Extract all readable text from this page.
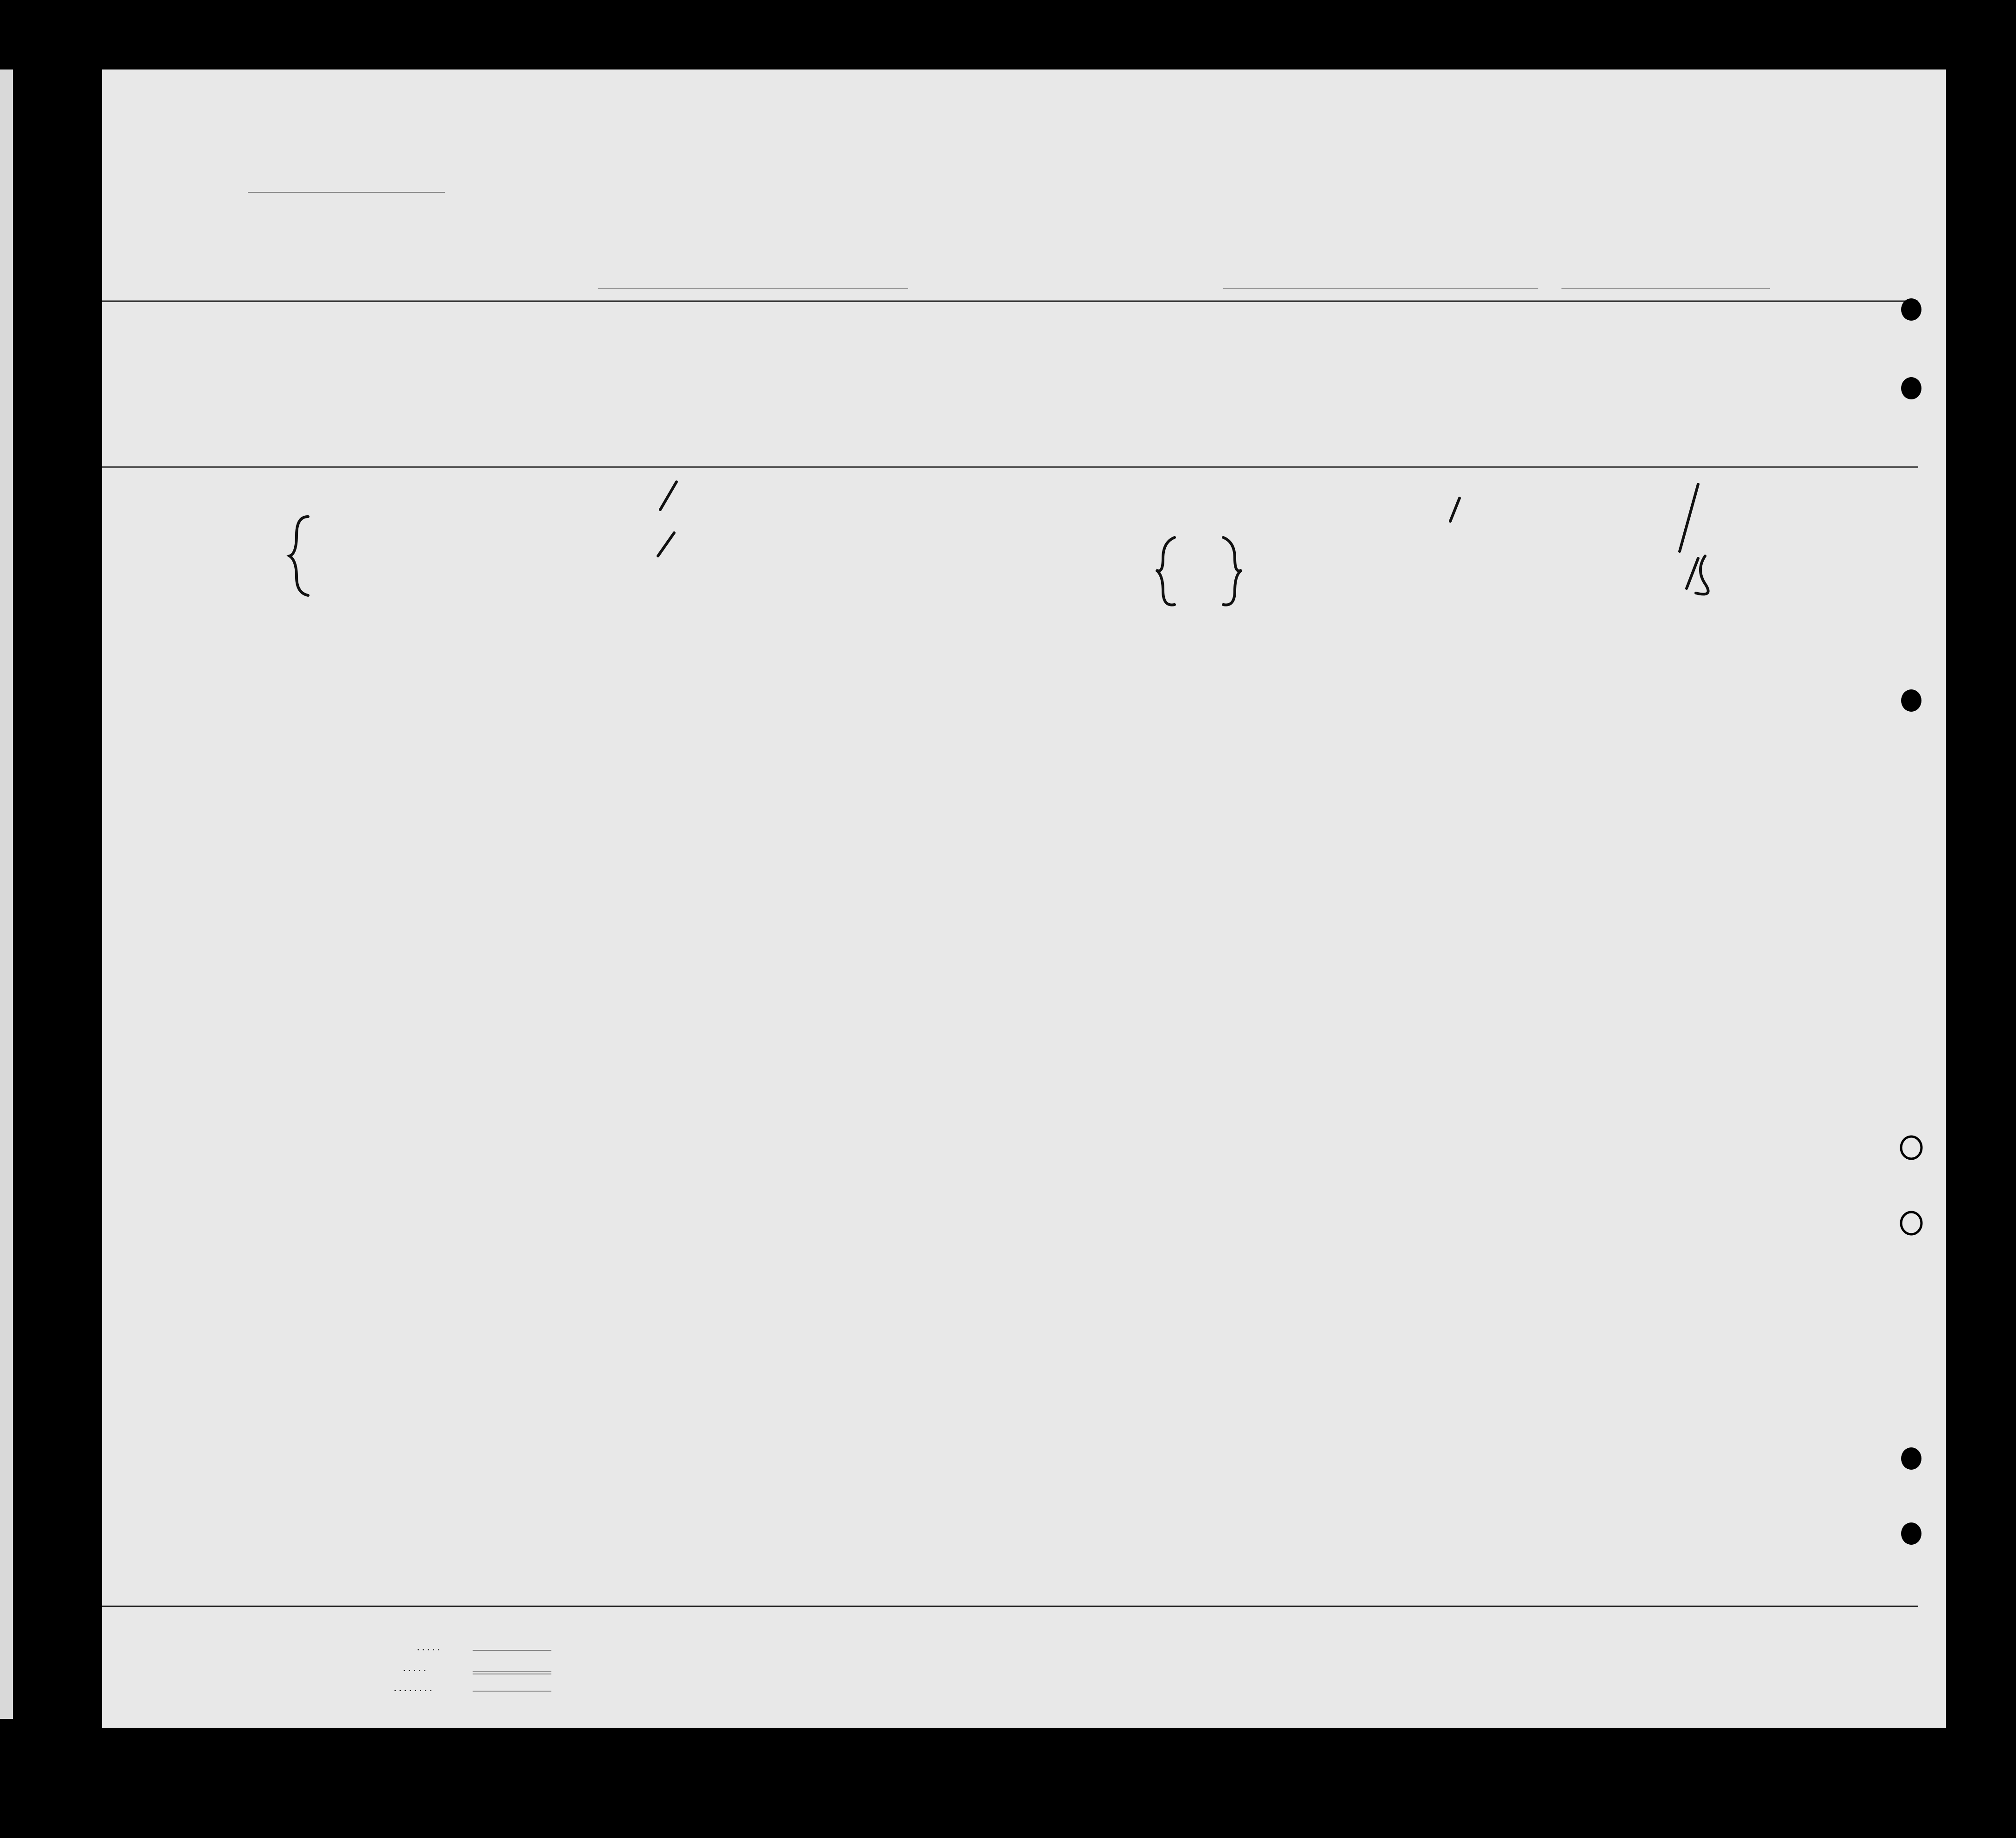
. . . . .
. . . . .
. . . . . . . .
